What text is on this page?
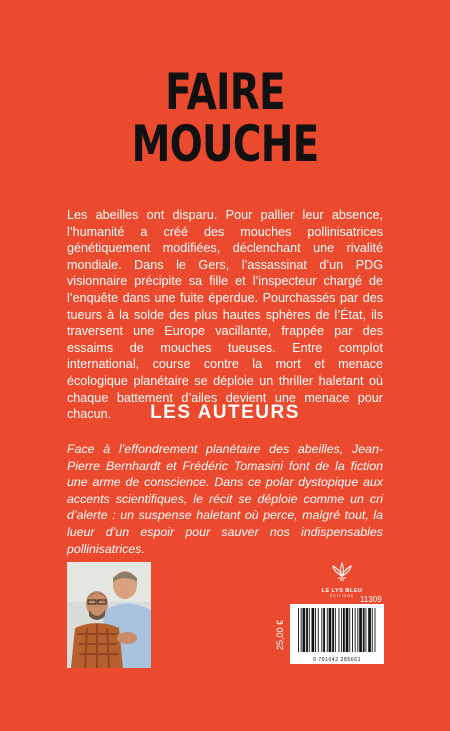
FAIRE
MOUCHE
Les abeilles ont disparu. Pour pallier leur absence, l’humanité a créé des mouches pollinisatrices génétiquement modifiées, déclenchant une rivalité mondiale. Dans le Gers, l’assassinat d’un PDG visionnaire précipite sa fille et l’inspecteur chargé de l’enquête dans une fuite éperdue. Pourchassés par des tueurs à la solde des plus hautes sphères de l’État, ils traversent une Europe vacillante, frappée par des essaims de mouches tueuses. Entre complot international, course contre la mort et menace écologique planétaire se déploie un thriller haletant où chaque battement d’ailes devient une menace pour chacun.	LES AUTEURS
Face à l’effondrement planétaire des abeilles, Jean-Pierre Bernhardt et Frédéric Tomasini font de la fiction une arme de conscience. Dans ce polar dystopique aux accents scientifiques, le récit se déploie comme un cri d’alerte : un suspense haletant où perce, malgré tout, la lueur d’un espoir pour sauver nos indispensables pollinisatrices.
LE LYS BLEU
ÉDITIONS 11309
25,00 €
9 791042 285661
